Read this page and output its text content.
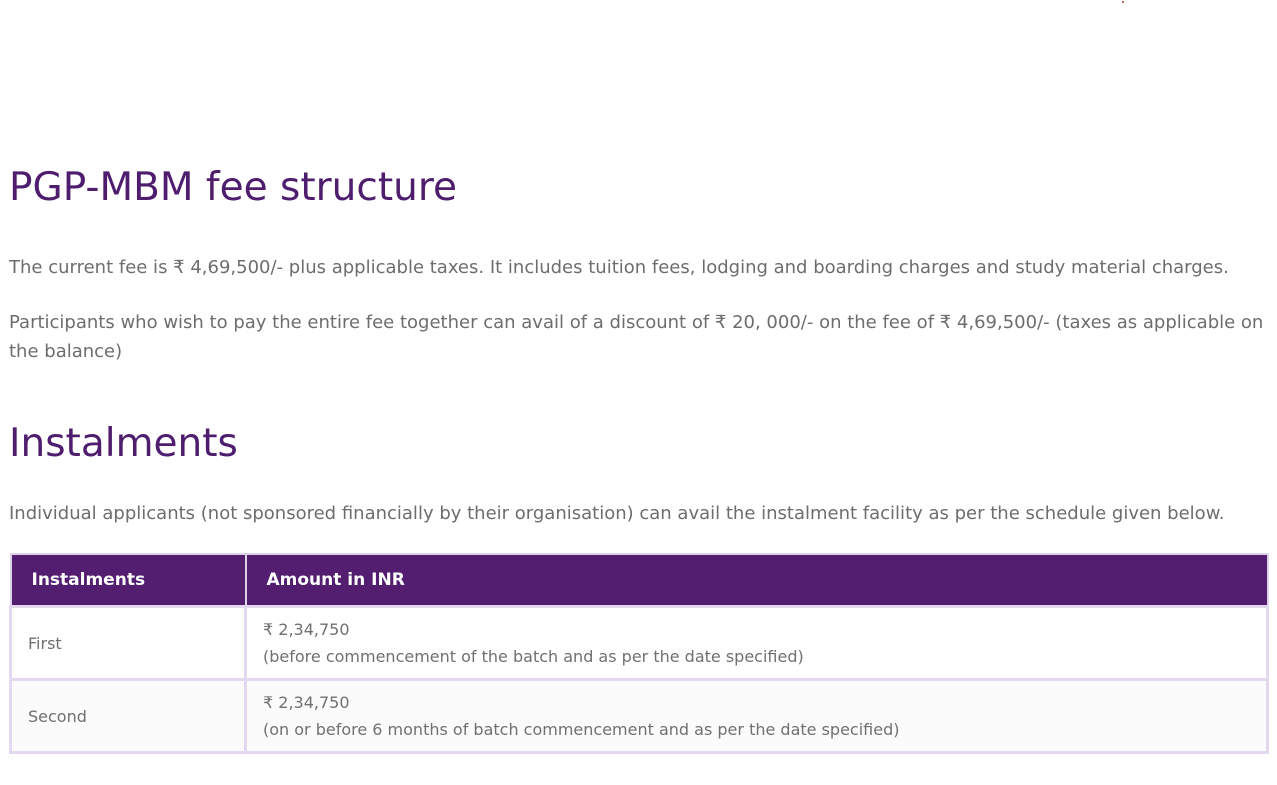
PGP-MBM fee structure

The current fee is ₹ 4,69,500/- plus applicable taxes. It includes tuition fees, lodging and boarding charges and study material charges.

Participants who wish to pay the entire fee together can avail of a discount of ₹ 20, 000/- on the fee of ₹ 4,69,500/- (taxes as applicable on the balance)

Instalments

Individual applicants (not sponsored financially by their organisation) can avail the instalment facility as per the schedule given below.

Instalments	Amount in INR
First	₹ 2,34,750
(before commencement of the batch and as per the date specified)

Second	₹ 2,34,750
(on or before 6 months of batch commencement and as per the date specified)
